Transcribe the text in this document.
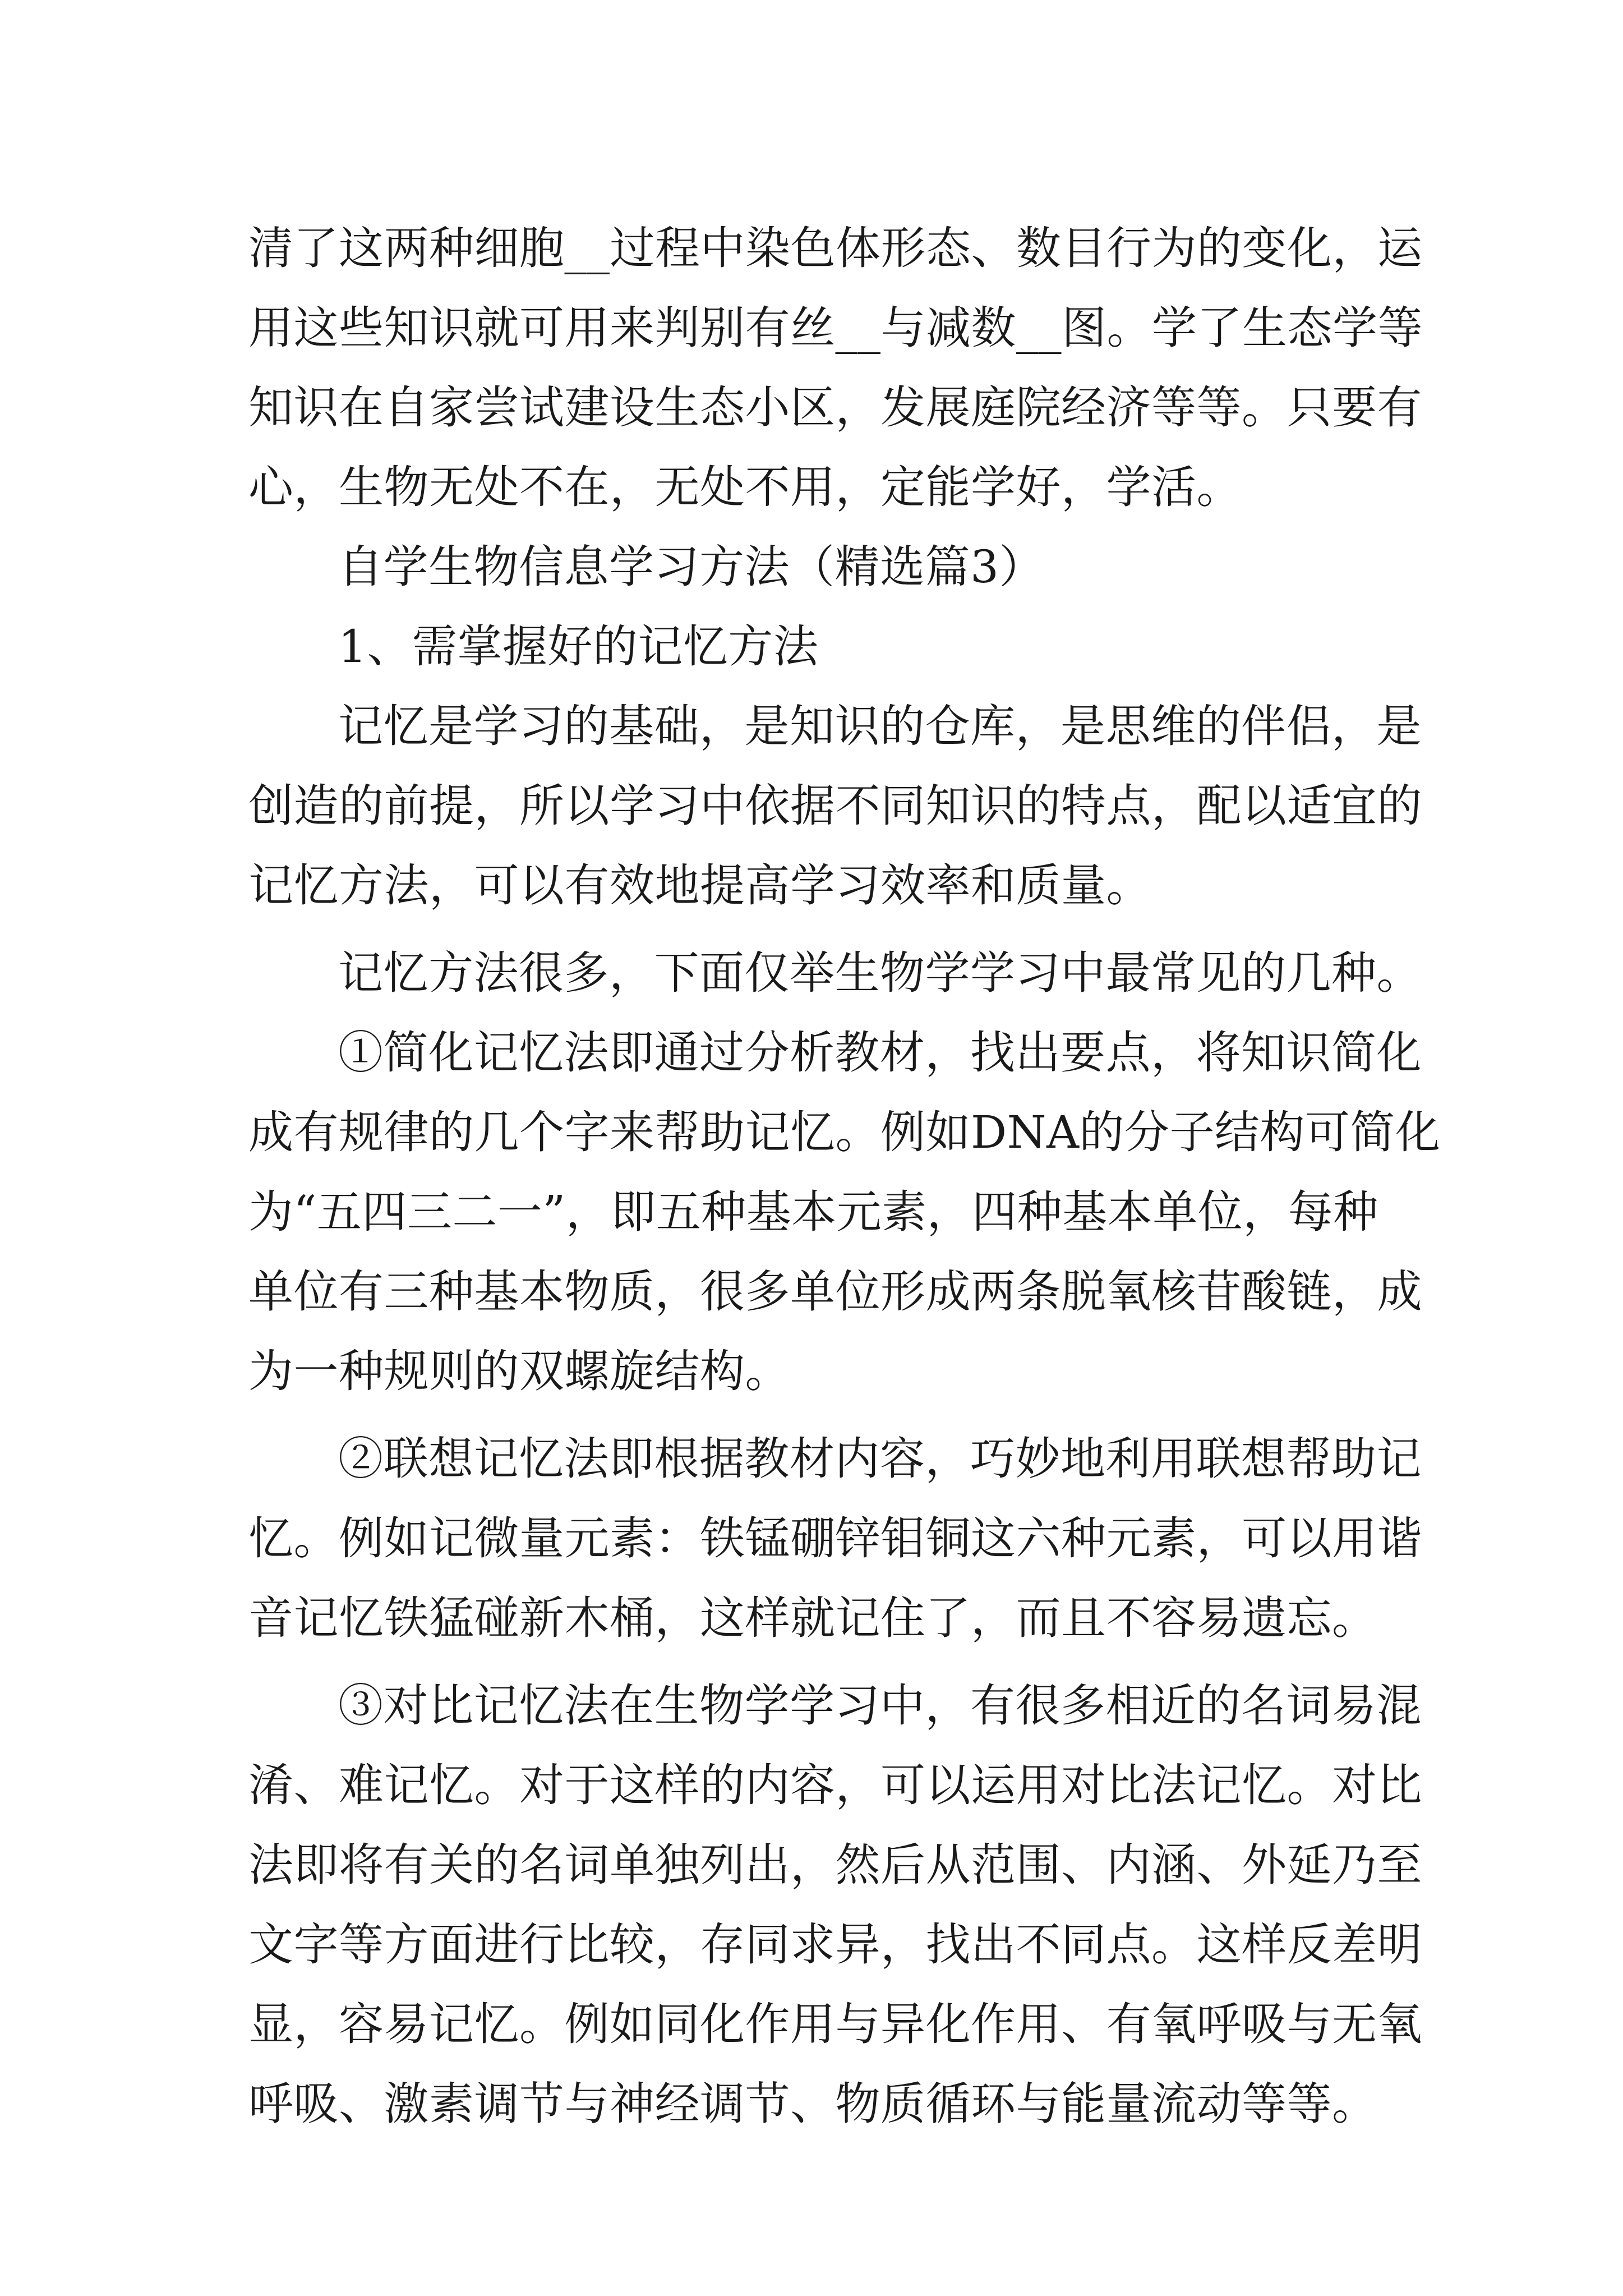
清了这两种细胞__过程中染色体形态、数目行为的变化，运
用这些知识就可用来判别有丝__与减数__图。学了生态学等
知识在自家尝试建设生态小区，发展庭院经济等等。只要有
心，生物无处不在，无处不用，定能学好，学活。
自学生物信息学习方法（精选篇3）
1、需掌握好的记忆方法
记忆是学习的基础，是知识的仓库，是思维的伴侣，是
创造的前提，所以学习中依据不同知识的特点，配以适宜的
记忆方法，可以有效地提高学习效率和质量。
记忆方法很多，下面仅举生物学学习中最常见的几种。
①简化记忆法即通过分析教材，找出要点，将知识简化
成有规律的几个字来帮助记忆。例如DNA的分子结构可简化
为“五四三二一”，即五种基本元素，四种基本单位，每种
单位有三种基本物质，很多单位形成两条脱氧核苷酸链，成
为一种规则的双螺旋结构。
②联想记忆法即根据教材内容，巧妙地利用联想帮助记
忆。例如记微量元素：铁锰硼锌钼铜这六种元素，可以用谐
音记忆铁猛碰新木桶，这样就记住了，而且不容易遗忘。
③对比记忆法在生物学学习中，有很多相近的名词易混
淆、难记忆。对于这样的内容，可以运用对比法记忆。对比
法即将有关的名词单独列出，然后从范围、内涵、外延乃至
文字等方面进行比较，存同求异，找出不同点。这样反差明
显，容易记忆。例如同化作用与异化作用、有氧呼吸与无氧
呼吸、激素调节与神经调节、物质循环与能量流动等等。
